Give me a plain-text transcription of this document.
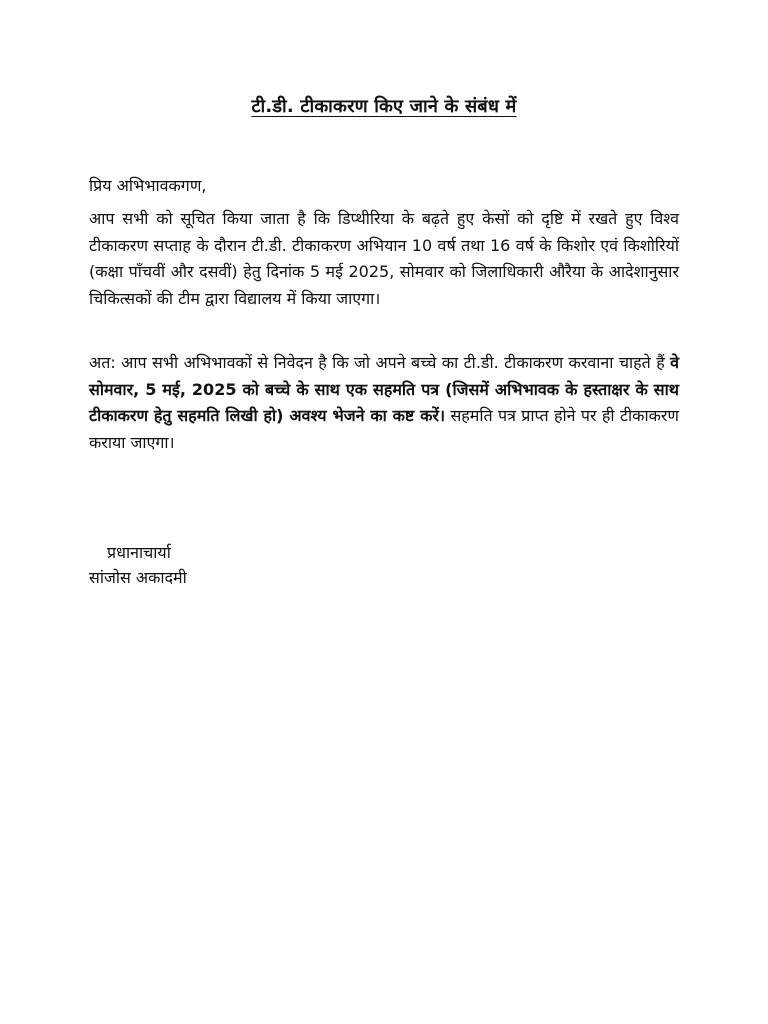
टी.डी. टीकाकरण किए जाने के संबंध में
प्रिय अभिभावकगण,

आप सभी को सूचित किया जाता है कि डिप्थीरिया के बढ़ते हुए केसों को दृष्टि में रखते हुए विश्व टीकाकरण सप्ताह के दौरान टी.डी. टीकाकरण अभियान 10 वर्ष तथा 16 वर्ष के किशोर एवं किशोरियों (कक्षा पाँचवीं और दसवीं) हेतु दिनांक 5 मई 2025, सोमवार को जिलाधिकारी औरैया के आदेशानुसार चिकित्सकों की टीम द्वारा विद्यालय में किया जाएगा।

अत: आप सभी अभिभावकों से निवेदन है कि जो अपने बच्चे का टी.डी. टीकाकरण करवाना चाहते हैं वे सोमवार, 5 मई, 2025 को बच्चे के साथ एक सहमति पत्र (जिसमें अभिभावक के हस्ताक्षर के साथ टीकाकरण हेतु सहमति लिखी हो) अवश्य भेजने का कष्ट करें। सहमति पत्र प्राप्त होने पर ही टीकाकरण कराया जाएगा।

प्रधानाचार्या
सांजोस अकादमी
